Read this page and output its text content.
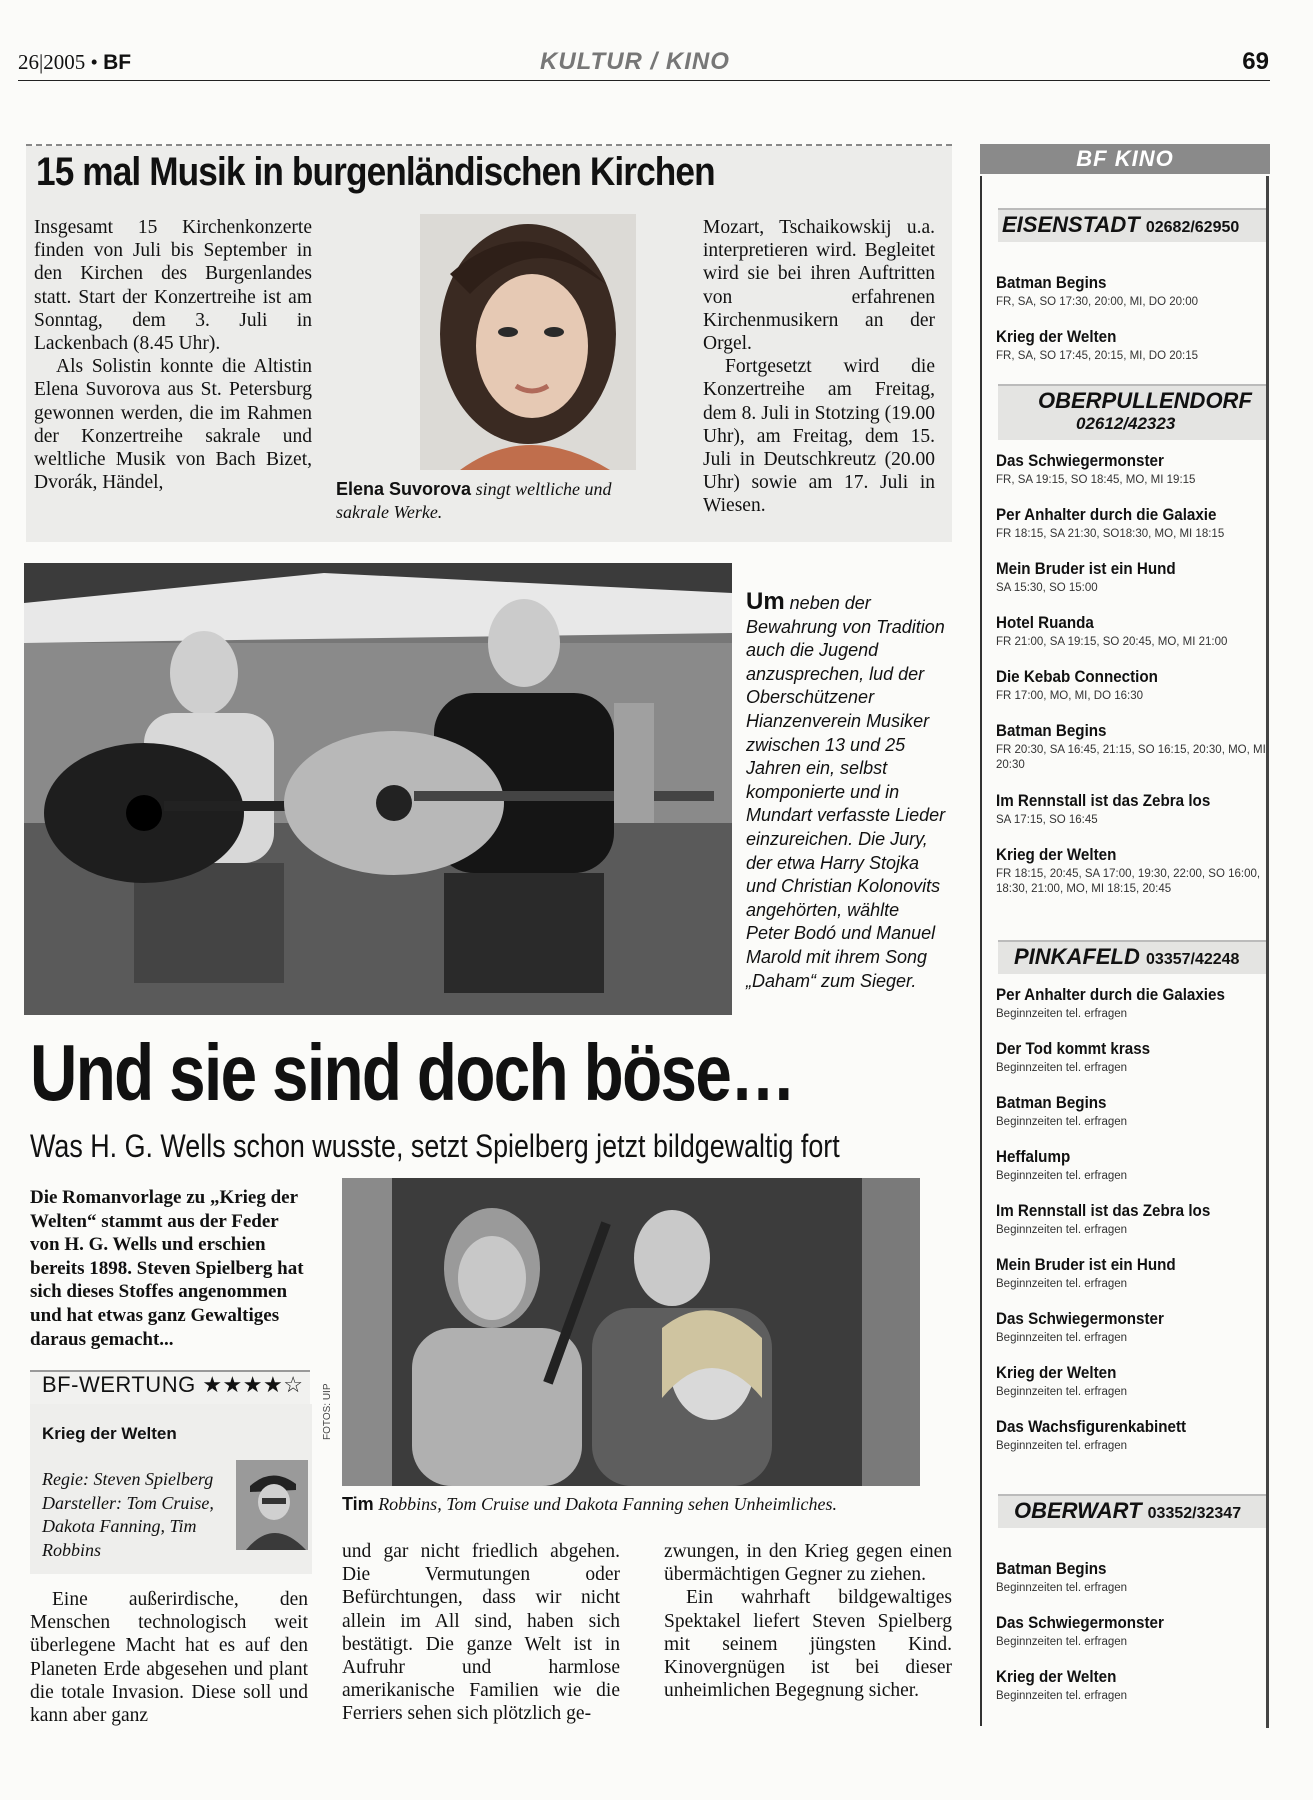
26|2005 • BF	KULTUR / KINO	69
15 mal Musik in burgenländischen Kirchen

Insgesamt 15 Kirchenkonzerte finden von Juli bis September in den Kirchen des Burgenlandes statt. Start der Konzertreihe ist am Sonntag, dem 3. Juli in Lackenbach (8.45 Uhr).

Als Solistin konnte die Altistin Elena Suvorova aus St. Petersburg gewonnen werden, die im Rahmen der Konzertreihe sakrale und weltliche Musik von Bach Bizet, Dvorák, Händel,	Elena Suvorova singt weltliche und sakrale Werke.

Mozart, Tschaikowskij u.a. interpretieren wird. Begleitet wird sie bei ihren Auftritten von erfahrenen Kirchenmusikern an der Orgel.

Fortgesetzt wird die Konzertreihe am Freitag, dem 8. Juli in Stotzing (19.00 Uhr), am Freitag, dem 15. Juli in Deutschkreutz (20.00 Uhr) sowie am 17. Juli in Wiesen.

Um neben der Bewahrung von Tradition auch die Jugend anzusprechen, lud der Oberschützener Hianzenverein Musiker zwischen 13 und 25 Jahren ein, selbst komponierte und in Mundart verfasste Lieder einzureichen. Die Jury, der etwa Harry Stojka und Christian Kolonovits angehörten, wählte Peter Bodó und Manuel Marold mit ihrem Song „Daham“ zum Sieger.
Und sie sind doch böse…
Was H. G. Wells schon wusste, setzt Spielberg jetzt bildgewaltig fort
Die Romanvorlage zu „Krieg der Welten“ stammt aus der Feder von H. G. Wells und erschien bereits 1898. Steven Spielberg hat sich dieses Stoffes angenommen und hat etwas ganz Gewaltiges daraus gemacht...
FOTOS: UIP
Tim Robbins, Tom Cruise und Dakota Fanning sehen Unheimliches.
BF-WERTUNG ★★★★☆
Krieg der Welten
Regie: Steven Spielberg Darsteller: Tom Cruise, Dakota Fanning, Tim Robbins

Eine außerirdische, den Menschen technologisch weit überlegene Macht hat es auf den Planeten Erde abgesehen und plant die totale Invasion. Diese soll und kann aber ganz

und gar nicht friedlich abgehen. Die Vermutungen oder Befürchtungen, dass wir nicht allein im All sind, haben sich bestätigt. Die ganze Welt ist in Aufruhr und harmlose amerikanische Familien wie die Ferriers sehen sich plötzlich ge-

zwungen, in den Krieg gegen einen übermächtigen Gegner zu ziehen.

Ein wahrhaft bildgewaltiges Spektakel liefert Steven Spielberg mit seinem jüngsten Kind. Kinovergnügen ist bei dieser unheimlichen Begegnung sicher.

BF KINO
EISENSTADT 02682/62950
Batman Begins
FR, SA, SO 17:30, 20:00, MI, DO 20:00
Krieg der Welten
FR, SA, SO 17:45, 20:15, MI, DO 20:15
OBERPULLENDORF
02612/42323
Das Schwiegermonster
FR, SA 19:15, SO 18:45, MO, MI 19:15
Per Anhalter durch die Galaxie
FR 18:15, SA 21:30, SO18:30, MO, MI 18:15
Mein Bruder ist ein Hund
SA 15:30, SO 15:00
Hotel Ruanda
FR 21:00, SA 19:15, SO 20:45, MO, MI 21:00
Die Kebab Connection
FR 17:00, MO, MI, DO 16:30
Batman Begins
FR 20:30, SA 16:45, 21:15, SO 16:15, 20:30, MO, MI 20:30
Im Rennstall ist das Zebra los
SA 17:15, SO 16:45
Krieg der Welten
FR 18:15, 20:45, SA 17:00, 19:30, 22:00, SO 16:00, 18:30, 21:00, MO, MI 18:15, 20:45
PINKAFELD 03357/42248
Per Anhalter durch die Galaxies
Beginnzeiten tel. erfragen
Der Tod kommt krass
Beginnzeiten tel. erfragen
Batman Begins
Beginnzeiten tel. erfragen
Heffalump
Beginnzeiten tel. erfragen
Im Rennstall ist das Zebra los
Beginnzeiten tel. erfragen
Mein Bruder ist ein Hund
Beginnzeiten tel. erfragen
Das Schwiegermonster
Beginnzeiten tel. erfragen
Krieg der Welten
Beginnzeiten tel. erfragen
Das Wachsfigurenkabinett
Beginnzeiten tel. erfragen
OBERWART 03352/32347
Batman Begins
Beginnzeiten tel. erfragen
Das Schwiegermonster
Beginnzeiten tel. erfragen
Krieg der Welten
Beginnzeiten tel. erfragen
